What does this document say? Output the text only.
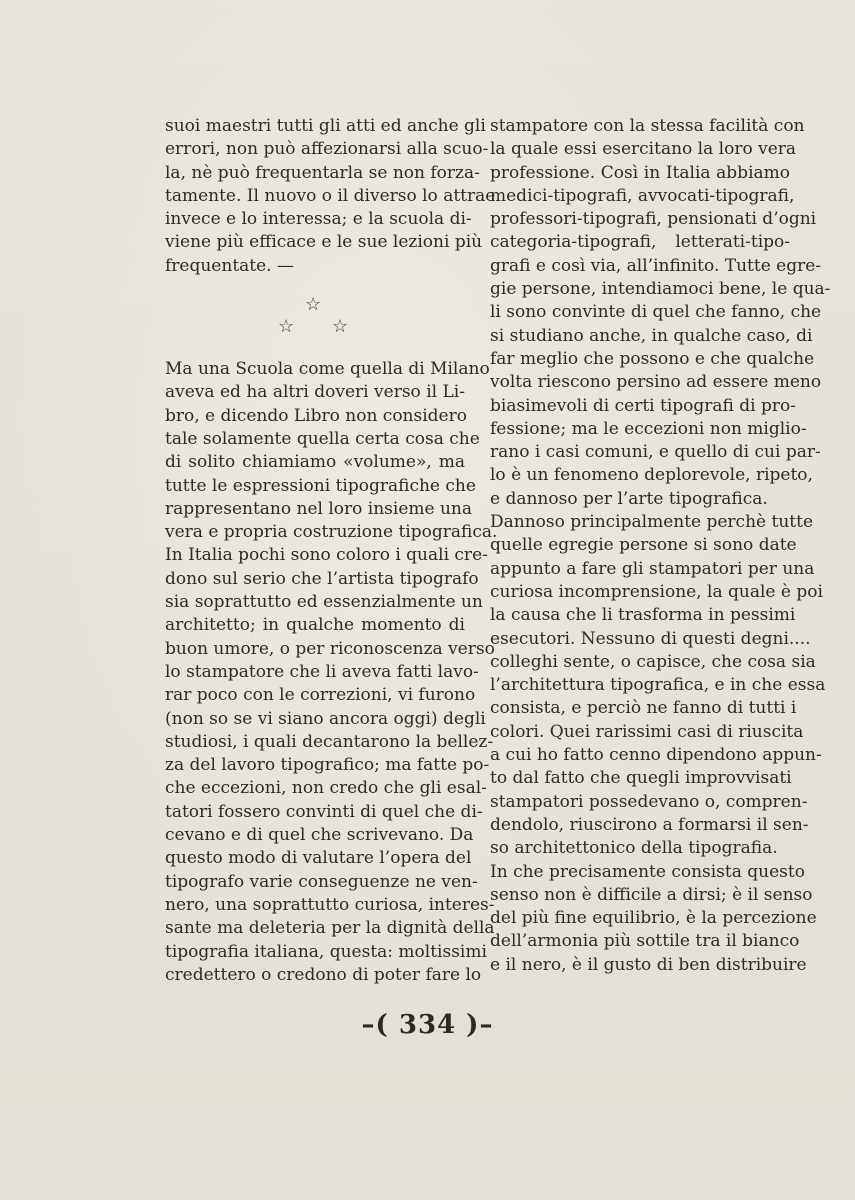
suoi maestri tutti gli atti ed anche gli
errori, non può affezionarsi alla scuo-
la, nè può frequentarla se non forza-
tamente. Il nuovo o il diverso lo attrae
invece e lo interessa; e la scuola di-
viene più efficace e le sue lezioni più
frequentate. —
☆
☆ ☆
Ma una Scuola come quella di Milano
aveva ed ha altri doveri verso il Li-
bro, e dicendo Libro non considero
tale solamente quella certa cosa che
di solito chiamiamo «volume», ma
tutte le espressioni tipografiche che
rappresentano nel loro insieme una
vera e propria costruzione tipografica.
In Italia pochi sono coloro i quali cre-
dono sul serio che l’artista tipografo
sia soprattutto ed essenzialmente un
architetto; in qualche momento di
buon umore, o per riconoscenza verso
lo stampatore che li aveva fatti lavo-
rar poco con le correzioni, vi furono
(non so se vi siano ancora oggi) degli
studiosi, i quali decantarono la bellez-
za del lavoro tipografico; ma fatte po-
che eccezioni, non credo che gli esal-
tatori fossero convinti di quel che di-
cevano e di quel che scrivevano. Da
questo modo di valutare l’opera del
tipografo varie conseguenze ne ven-
nero, una soprattutto curiosa, interes-
sante ma deleteria per la dignità della
tipografia italiana, questa: moltissimi
credettero o credono di poter fare lo
stampatore con la stessa facilità con
la quale essi esercitano la loro vera
professione. Così in Italia abbiamo
medici-tipografi, avvocati-tipografi,
professori-tipografi, pensionati d’ogni
categoria-tipografi, letterati-tipo-
grafi e così via, all’infinito. Tutte egre-
gie persone, intendiamoci bene, le qua-
li sono convinte di quel che fanno, che
si studiano anche, in qualche caso, di
far meglio che possono e che qualche
volta riescono persino ad essere meno
biasimevoli di certi tipografi di pro-
fessione; ma le eccezioni non miglio-
rano i casi comuni, e quello di cui par-
lo è un fenomeno deplorevole, ripeto,
e dannoso per l’arte tipografica.
Dannoso principalmente perchè tutte
quelle egregie persone si sono date
appunto a fare gli stampatori per una
curiosa incomprensione, la quale è poi
la causa che li trasforma in pessimi
esecutori. Nessuno di questi degni....
colleghi sente, o capisce, che cosa sia
l’architettura tipografica, e in che essa
consista, e perciò ne fanno di tutti i
colori. Quei rarissimi casi di riuscita
a cui ho fatto cenno dipendono appun-
to dal fatto che quegli improvvisati
stampatori possedevano o, compren-
dendolo, riuscirono a formarsi il sen-
so architettonico della tipografia.
In che precisamente consista questo
senso non è difficile a dirsi; è il senso
del più fine equilibrio, è la percezione
dell’armonia più sottile tra il bianco
e il nero, è il gusto di ben distribuire
–( 334 )–
